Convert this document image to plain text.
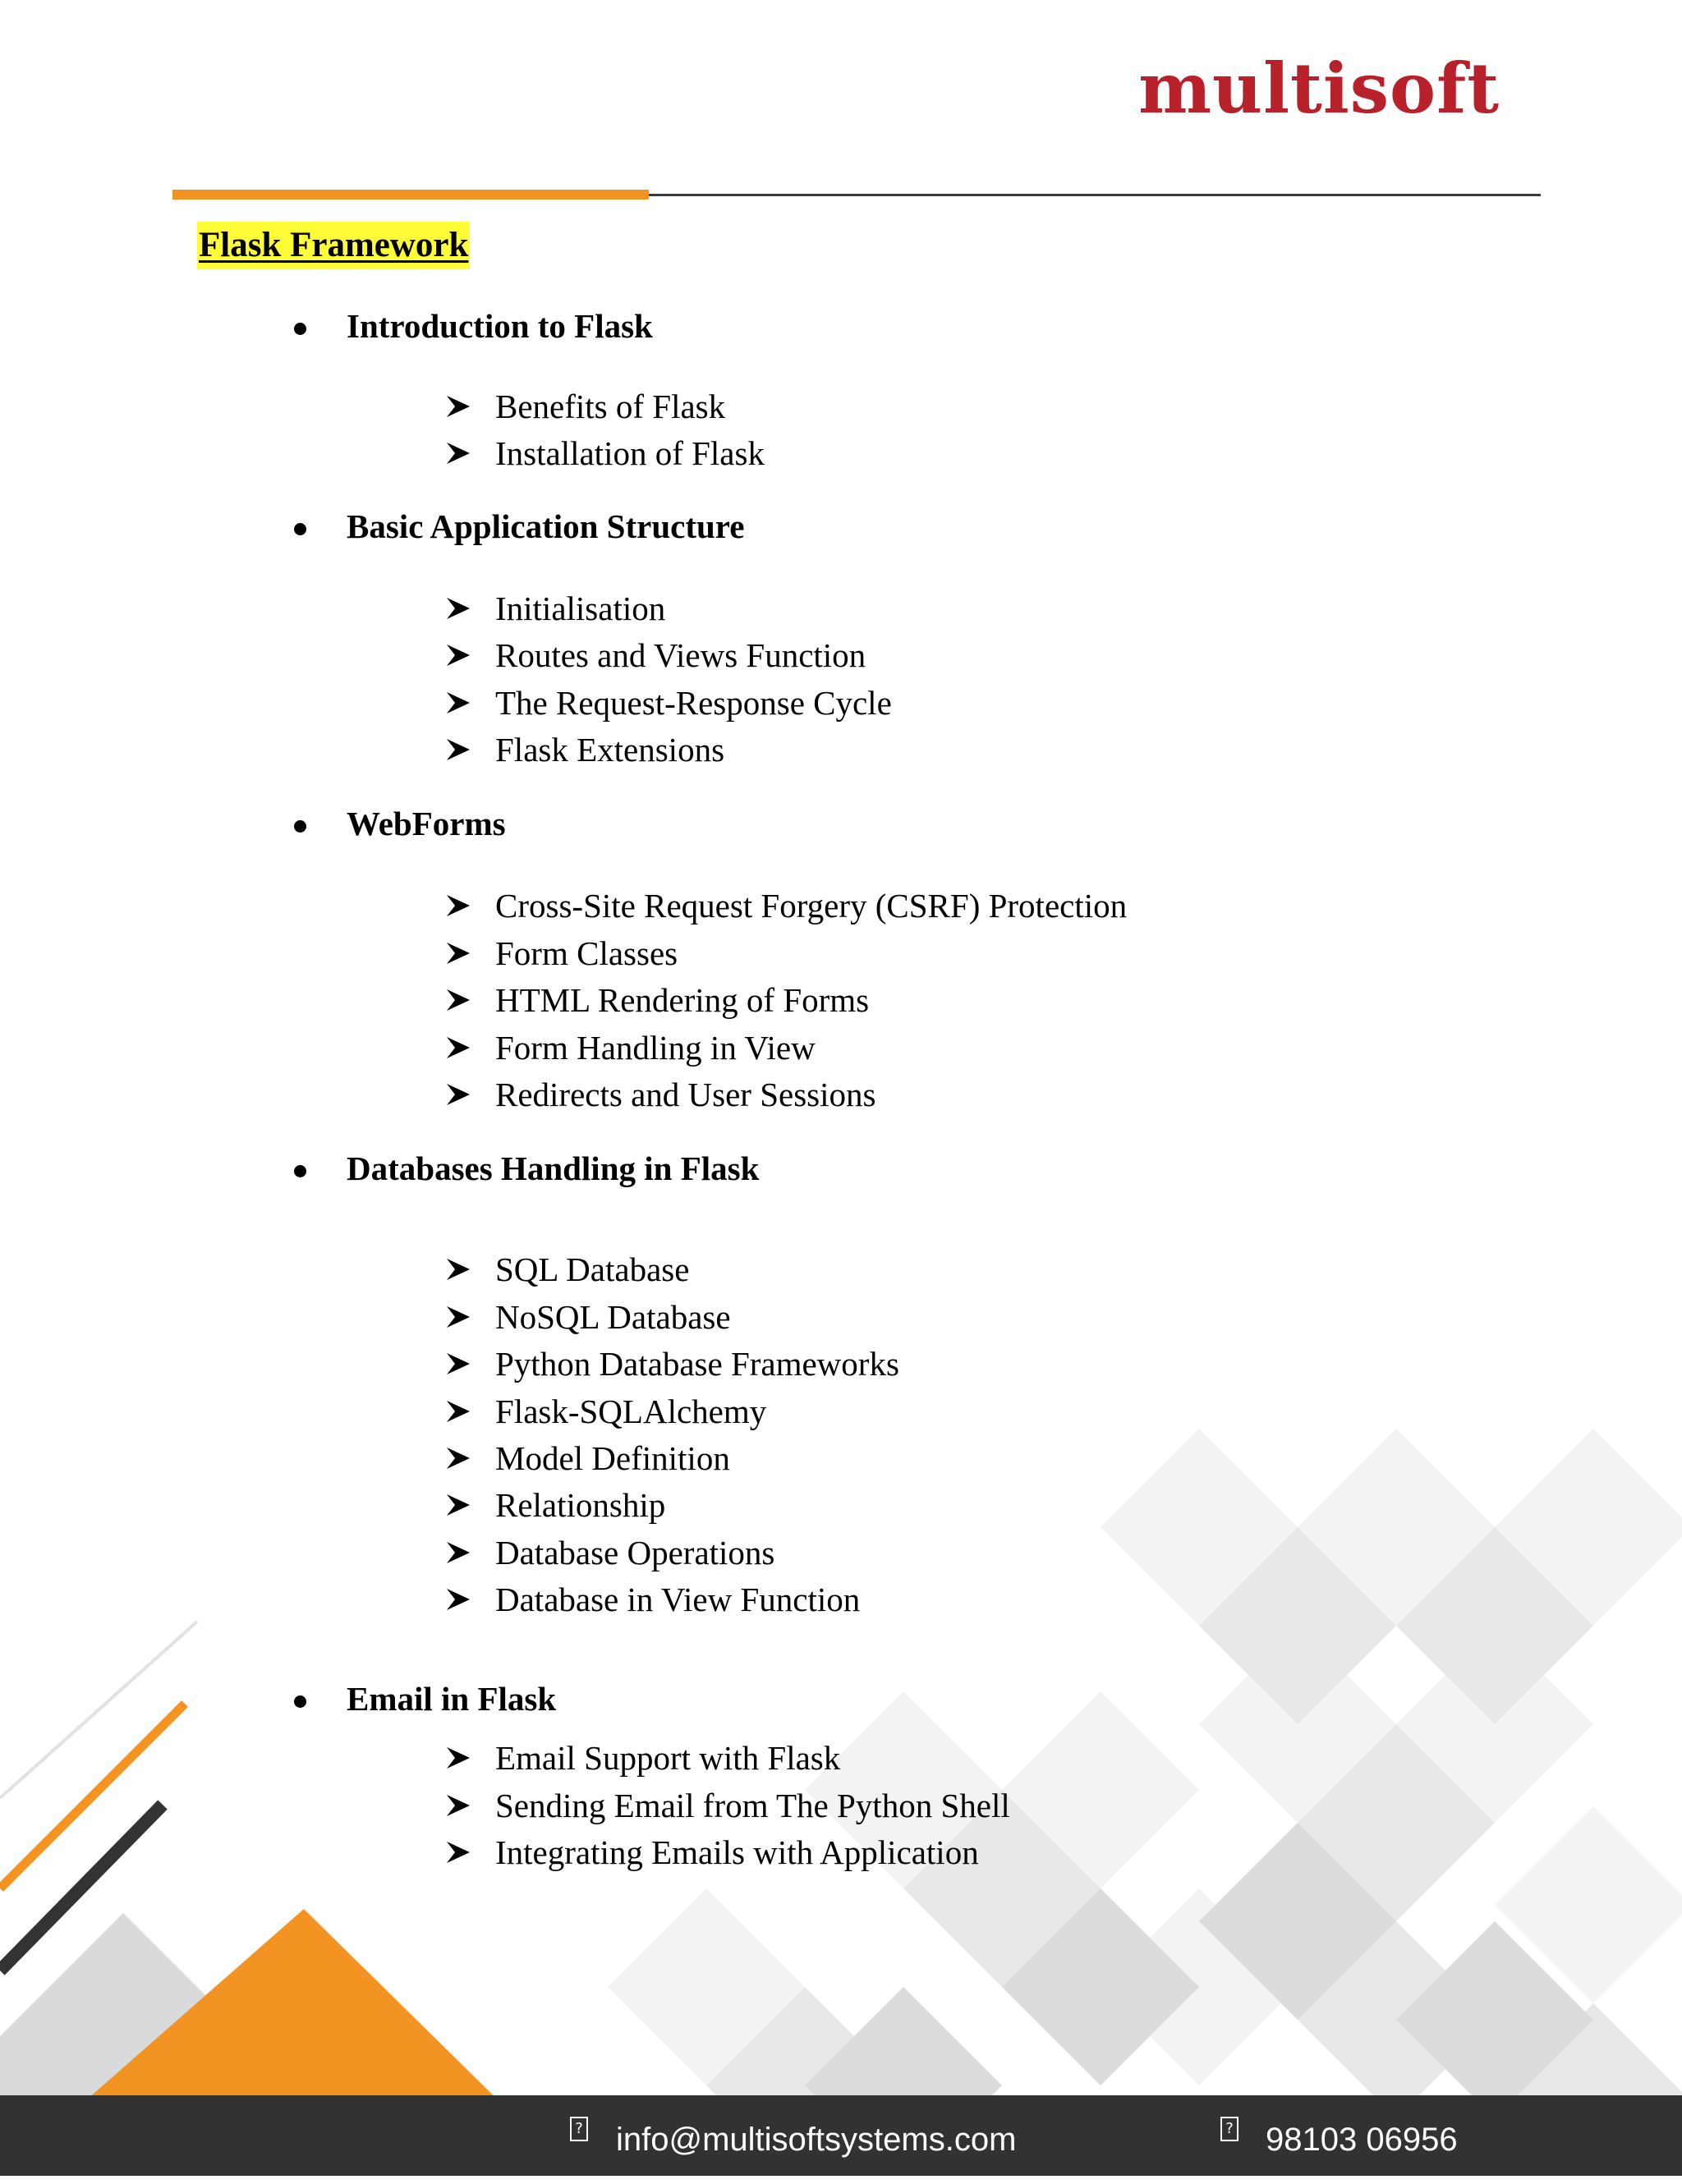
multisoft
Flask Framework
Introduction to Flask
Benefits of Flask
Installation of Flask
Basic Application Structure
Initialisation
Routes and Views Function
The Request-Response Cycle
Flask Extensions
WebForms
Cross-Site Request Forgery (CSRF) Protection
Form Classes
HTML Rendering of Forms
Form Handling in View
Redirects and User Sessions
Databases Handling in Flask
SQL Database
NoSQL Database
Python Database Frameworks
Flask-SQLAlchemy
Model Definition
Relationship
Database Operations
Database in View Function
Email in Flask
Email Support with Flask
Sending Email from The Python Shell
Integrating Emails with Application
? info@multisoftsystems.com	? 98103 06956
